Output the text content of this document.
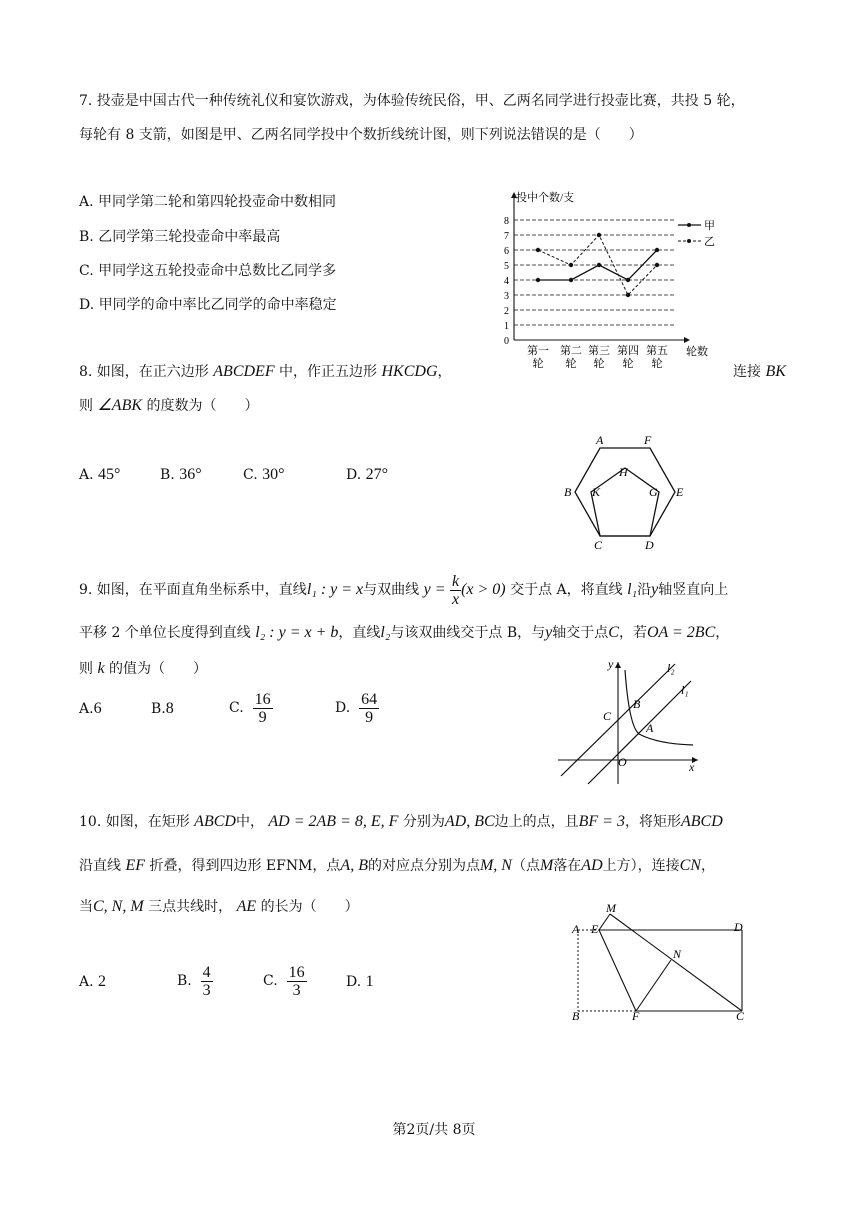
7. 投壶是中国古代一种传统礼仪和宴饮游戏，为体验传统民俗，甲、乙两名同学进行投壶比赛，共投 5 轮，
每轮有 8 支箭，如图是甲、乙两名同学投中个数折线统计图，则下列说法错误的是（　　）
A. 甲同学第二轮和第四轮投壶命中数相同
B. 乙同学第三轮投壶命中率最高
C. 甲同学这五轮投壶命中总数比乙同学多
D. 甲同学的命中率比乙同学的命中率稳定
0
1
2
3
4
5
6
7
8
第一
轮
第二
轮
第三
轮
第四
轮
第五
轮
投中个数/支
轮数
甲
乙
8. 如图，在正六边形 ABCDEF 中，作正五边形 HKCDG，	连接 BK
则 ∠ABK 的度数为（　　）
A. 45°	B. 36°	C. 30°	D. 27°
A	F
H
B K	G E
C	D
9. 如图，在平面直角坐标系中，直线l₁ : y = x与双曲线 $y = \frac{k}{x} (x > 0)$ 交于点 A，将直线 l₁沿y轴竖直向上
平移 2 个单位长度得到直线 l₂ : y = x + b，直线l₂与该双曲线交于点 B，与y轴交于点C，若OA = 2BC，
则 k 的值为（　　）
A.6	B.8	C. $\frac{16}{9}$	D. $\frac{64}{9}$
y	l₂
l₁
B
C
A
O	x
10. 如图，在矩形 ABCD中， AD = 2AB = 8, E, F 分别为AD, BC边上的点，且BF = 3，将矩形ABCD
沿直线 EF 折叠，得到四边形 EFNM，点A, B的对应点分别为点M, N（点M落在AD上方），连接CN，
当C, N, M 三点共线时， AE 的长为（　　）
A. 2	B. $\frac{4}{3}$	C. $\frac{16}{3}$	D. 1
M
A E	D
N
B	F	C
第2页/共 8页
